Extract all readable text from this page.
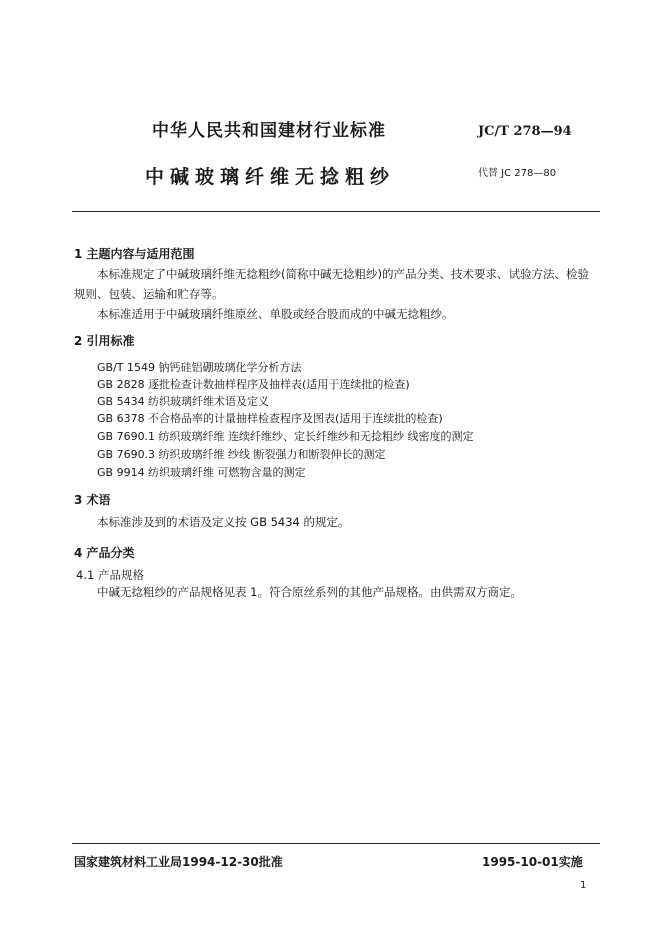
中华人民共和国建材行业标准	JC/T 278—94
中碱玻璃纤维无捻粗纱	代替 JC 278—80
1 主题内容与适用范围
本标准规定了中碱玻璃纤维无捻粗纱(简称中碱无捻粗纱)的产品分类、技术要求、试验方法、检验
规则、包装、运输和贮存等。
本标准适用于中碱玻璃纤维原丝、单股或经合股而成的中碱无捻粗纱。
2 引用标准
GB/T 1549 钠钙硅铝硼玻璃化学分析方法
GB 2828 逐批检查计数抽样程序及抽样表(适用于连续批的检查)
GB 5434 纺织玻璃纤维术语及定义
GB 6378 不合格品率的计量抽样检查程序及图表(适用于连续批的检查)
GB 7690.1 纺织玻璃纤维 连续纤维纱、定长纤维纱和无捻粗纱 线密度的测定
GB 7690.3 纺织玻璃纤维 纱线 断裂强力和断裂伸长的测定
GB 9914 纺织玻璃纤维 可燃物含量的测定
3 术语
本标准涉及到的术语及定义按 GB 5434 的规定。
4 产品分类
4.1 产品规格
中碱无捻粗纱的产品规格见表 1。符合原丝系列的其他产品规格。由供需双方商定。
国家建筑材料工业局1994-12-30批准	1995-10-01实施
1
